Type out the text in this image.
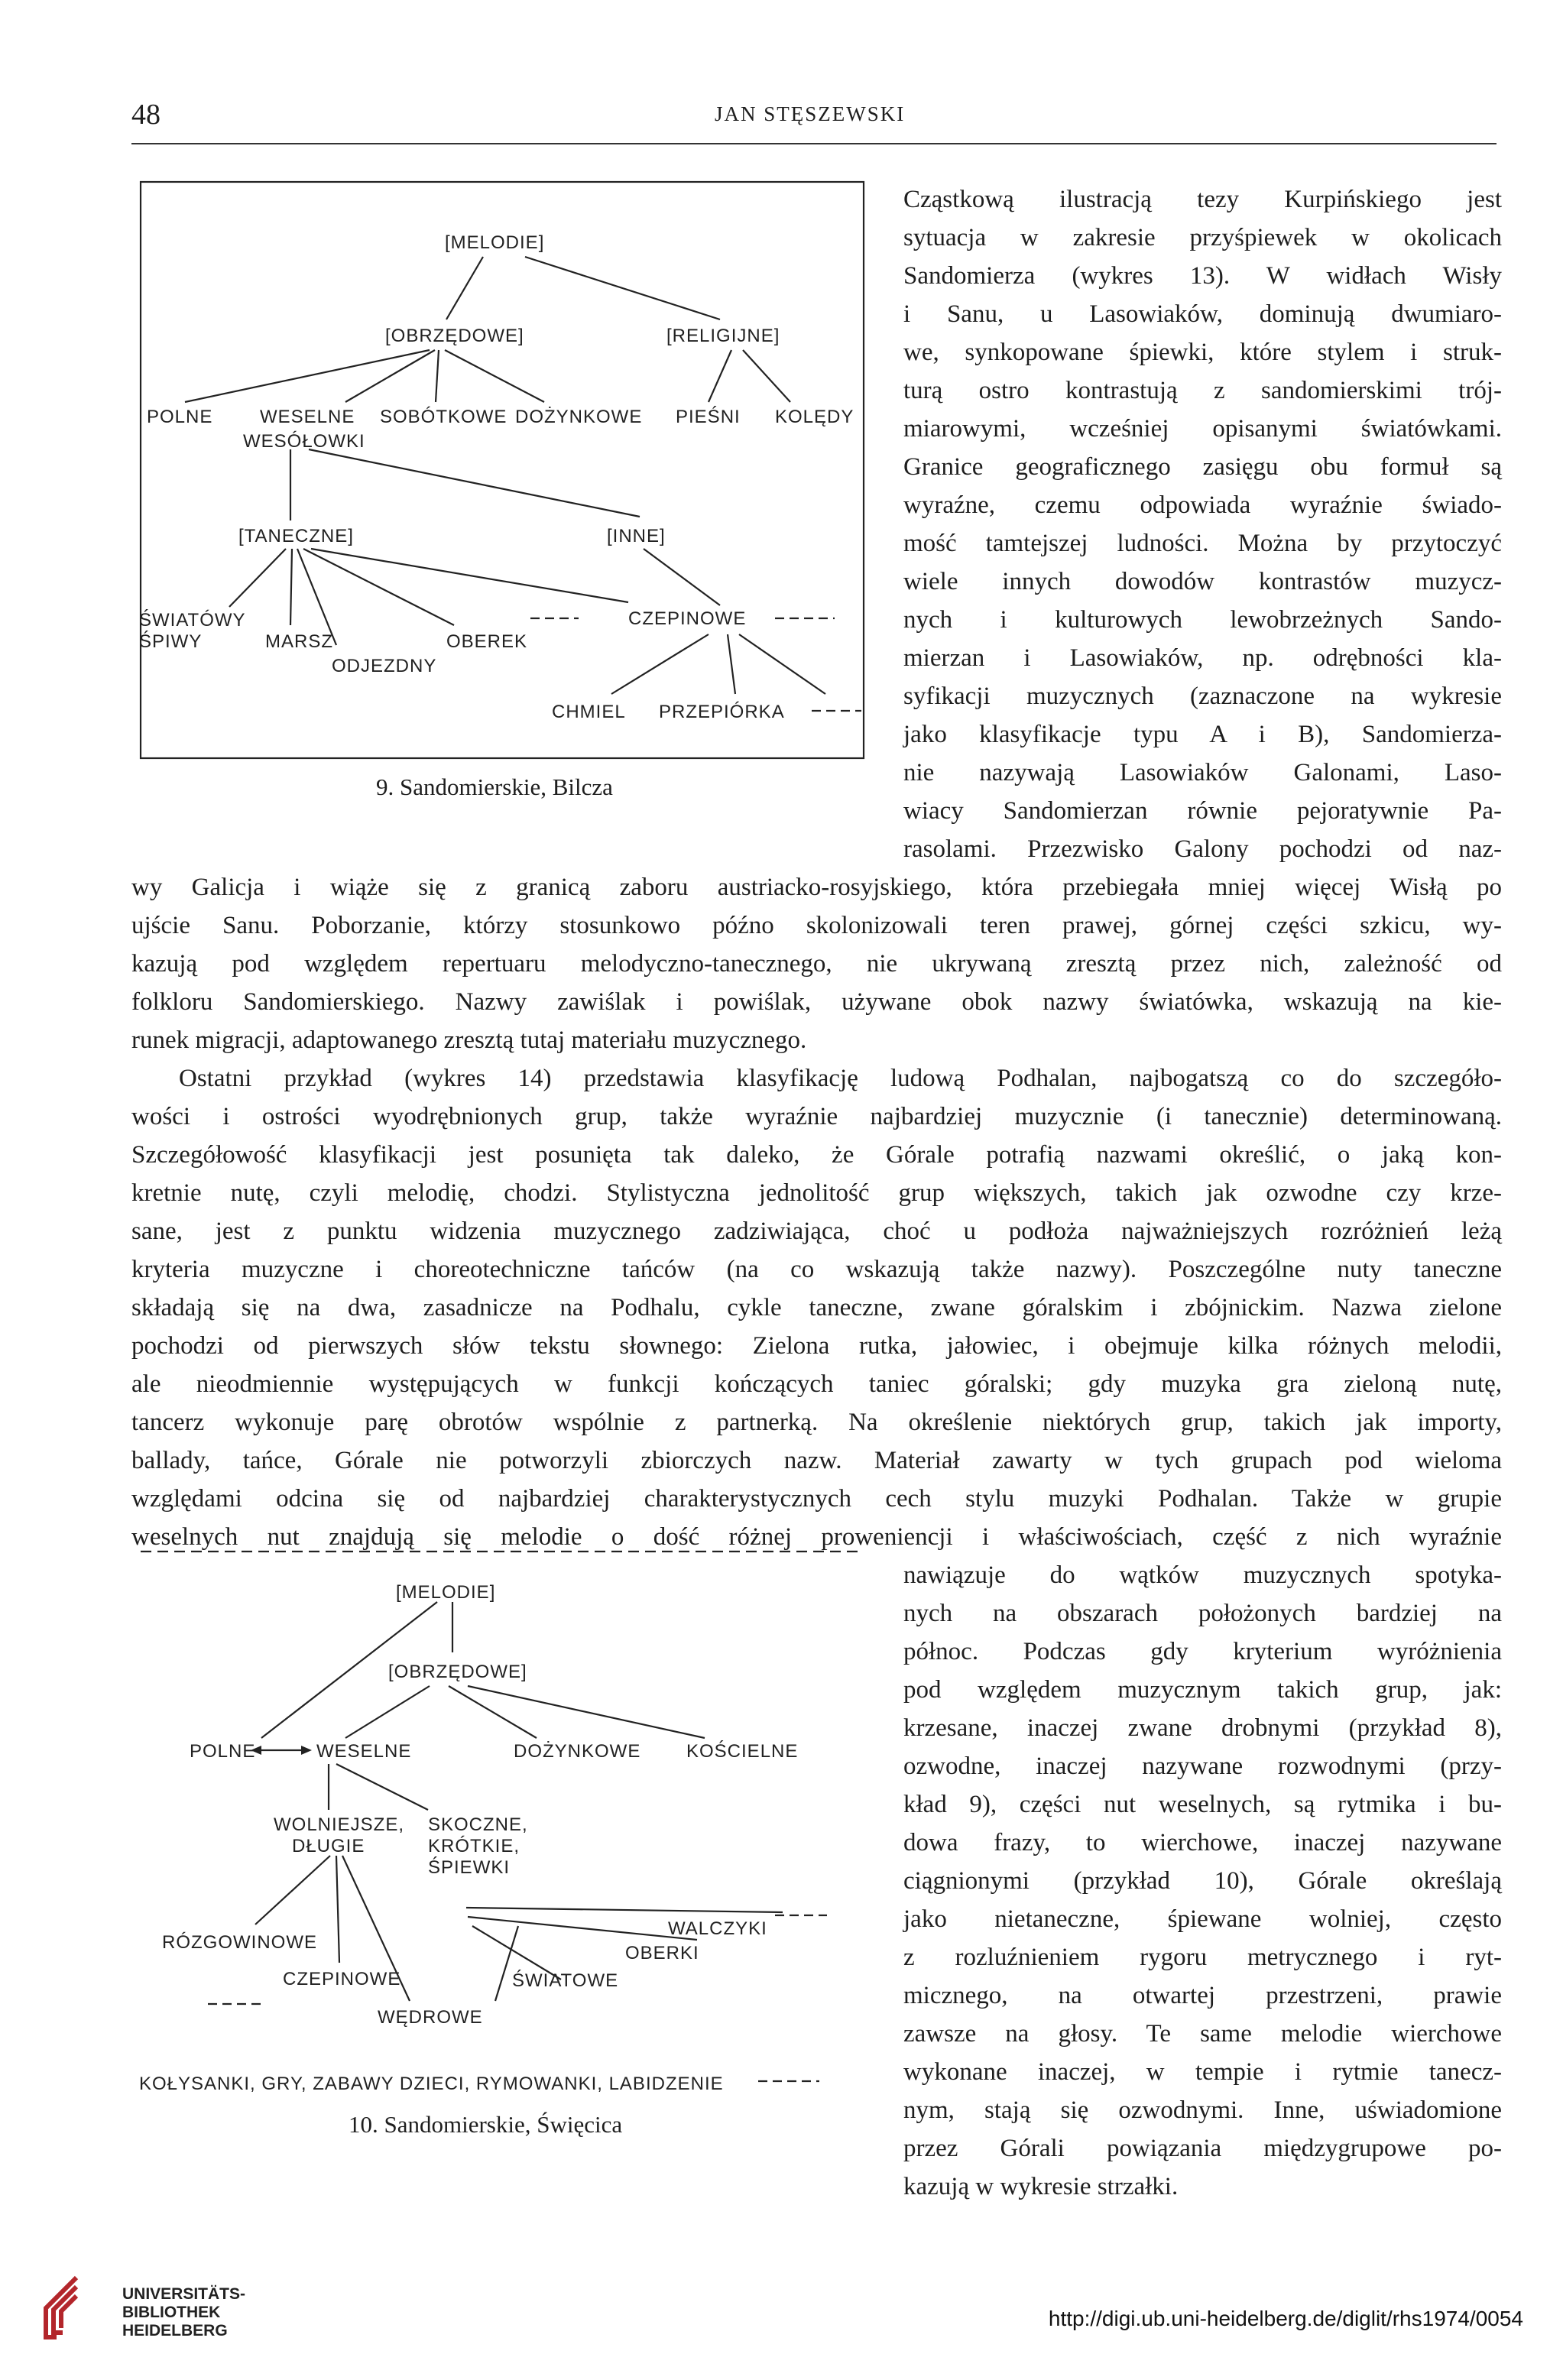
48	JAN STĘSZEWSKI
[MELODIE]
[OBRZĘDOWE]	[RELIGIJNE]
POLNE	WESELNE
WESÓŁOWKI
SOBÓTKOWE DOŻYNKOWE PIEŚNI KOLĘDY
[TANECZNE]	[INNE]
ŚWIATÓWY
ŚPIWY	MARSZ	OBEREK
ODJEZDNY
CZEPINOWE
CHMIEL PRZEPIÓRKA
9. Sandomierskie, Bilcza
Cząstkową ilustracją tezy Kurpińskiego jest
sytuacja w zakresie przyśpiewek w okolicach
Sandomierza (wykres 13). W widłach Wisły
i Sanu, u Lasowiaków, dominują dwumiaro-
we, synkopowane śpiewki, które stylem i struk-
turą ostro kontrastują z sandomierskimi trój-
miarowymi, wcześniej opisanymi światówkami.
Granice geograficznego zasięgu obu formuł są
wyraźne, czemu odpowiada wyraźnie świado-
mość tamtejszej ludności. Można by przytoczyć
wiele innych dowodów kontrastów muzycz-
nych i kulturowych lewobrzeżnych Sando-
mierzan i Lasowiaków, np. odrębności kla-
syfikacji muzycznych (zaznaczone na wykresie
jako klasyfikacje typu A i B), Sandomierza-
nie nazywają Lasowiaków Galonami, Laso-
wiacy Sandomierzan równie pejoratywnie Pa-
rasolami. Przezwisko Galony pochodzi od naz-
wy Galicja i wiąże się z granicą zaboru austriacko-rosyjskiego, która przebiegała mniej więcej Wisłą po
ujście Sanu. Poborzanie, którzy stosunkowo późno skolonizowali teren prawej, górnej części szkicu, wy-
kazują pod względem repertuaru melodyczno-tanecznego, nie ukrywaną zresztą przez nich, zależność od
folkloru Sandomierskiego. Nazwy zawiślak i powiślak, używane obok nazwy światówka, wskazują na kie-
runek migracji, adaptowanego zresztą tutaj materiału muzycznego.
Ostatni przykład (wykres 14) przedstawia klasyfikację ludową Podhalan, najbogatszą co do szczegóło-
wości i ostrości wyodrębnionych grup, także wyraźnie najbardziej muzycznie (i tanecznie) determinowaną.
Szczegółowość klasyfikacji jest posunięta tak daleko, że Górale potrafią nazwami określić, o jaką kon-
kretnie nutę, czyli melodię, chodzi. Stylistyczna jednolitość grup większych, takich jak ozwodne czy krze-
sane, jest z punktu widzenia muzycznego zadziwiająca, choć u podłoża najważniejszych rozróżnień leżą
kryteria muzyczne i choreotechniczne tańców (na co wskazują także nazwy). Poszczególne nuty taneczne
składają się na dwa, zasadnicze na Podhalu, cykle taneczne, zwane góralskim i zbójnickim. Nazwa zielone
pochodzi od pierwszych słów tekstu słownego: Zielona rutka, jałowiec, i obejmuje kilka różnych melodii,
ale nieodmiennie występujących w funkcji kończących taniec góralski; gdy muzyka gra zieloną nutę,
tancerz wykonuje parę obrotów wspólnie z partnerką. Na określenie niektórych grup, takich jak importy,
ballady, tańce, Górale nie potworzyli zbiorczych nazw. Materiał zawarty w tych grupach pod wieloma
względami odcina się od najbardziej charakterystycznych cech stylu muzyki Podhalan. Także w grupie
weselnych nut znajdują się melodie o dość różnej proweniencji i właściwościach, część z nich wyraźnie
[MELODIE]
[OBRZĘDOWE]
POLNE	WESELNE	DOŻYNKOWE KOŚCIELNE
WOLNIEJSZE,
DŁUGIE
SKOCZNE,
KRÓTKIE,
ŚPIEWKI
WALCZYKI
OBERKI
RÓZGOWINOWE
CZEPINOWE	ŚWIATOWE
WĘDROWE
KOŁYSANKI, GRY, ZABAWY DZIECI, RYMOWANKI, LABIDZENIE
10. Sandomierskie, Święcica
nawiązuje do wątków muzycznych spotyka-
nych na obszarach położonych bardziej na
północ. Podczas gdy kryterium wyróżnienia
pod względem muzycznym takich grup, jak:
krzesane, inaczej zwane drobnymi (przykład 8),
ozwodne, inaczej nazywane rozwodnymi (przy-
kład 9), części nut weselnych, są rytmika i bu-
dowa frazy, to wierchowe, inaczej nazywane
ciągnionymi (przykład 10), Górale określają
jako nietaneczne, śpiewane wolniej, często
z rozluźnieniem rygoru metrycznego i ryt-
micznego, na otwartej przestrzeni, prawie
zawsze na głosy. Te same melodie wierchowe
wykonane inaczej, w tempie i rytmie tanecz-
nym, stają się ozwodnymi. Inne, uświadomione
przez Górali powiązania międzygrupowe po-
kazują w wykresie strzałki.
UNIVERSITÄTS-
BIBLIOTHEK
HEIDELBERG
http://digi.ub.uni-heidelberg.de/diglit/rhs1974/0054
